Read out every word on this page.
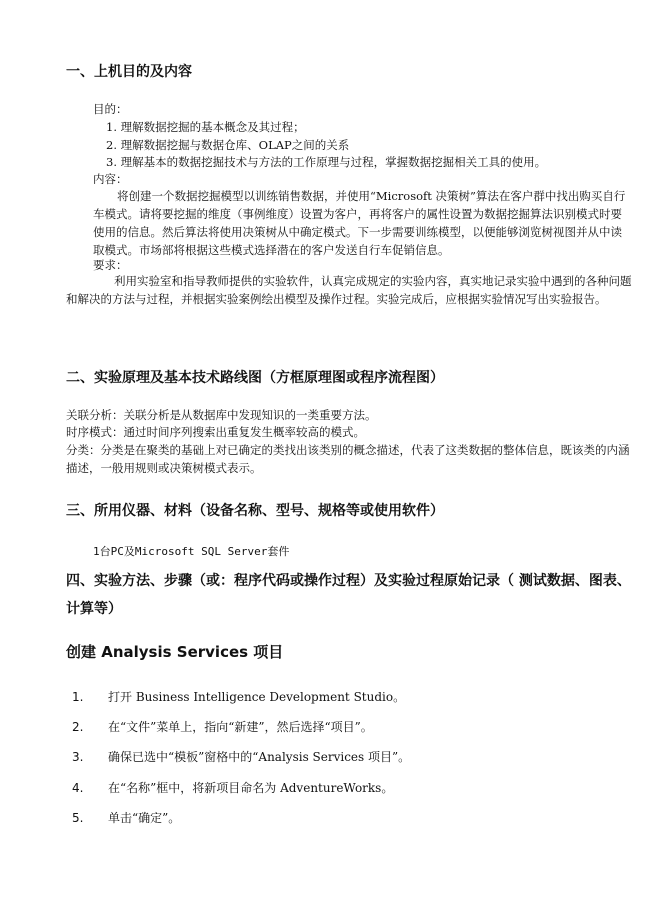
一、上机目的及内容
目的：
1. 理解数据挖掘的基本概念及其过程；
2. 理解数据挖掘与数据仓库、OLAP之间的关系
3. 理解基本的数据挖掘技术与方法的工作原理与过程，掌握数据挖掘相关工具的使用。
内容：
将创建一个数据挖掘模型以训练销售数据，并使用“Microsoft 决策树”算法在客户群中找出购买自行车模式。请将要挖掘的维度（事例维度）设置为客户，再将客户的属性设置为数据挖掘算法识别模式时要使用的信息。然后算法将使用决策树从中确定模式。下一步需要训练模型，以便能够浏览树视图并从中读取模式。市场部将根据这些模式选择潜在的客户发送自行车促销信息。
要求：
利用实验室和指导教师提供的实验软件，认真完成规定的实验内容，真实地记录实验中遇到的各种问题和解决的方法与过程，并根据实验案例绘出模型及操作过程。实验完成后，应根据实验情况写出实验报告。
二、实验原理及基本技术路线图（方框原理图或程序流程图）
关联分析：关联分析是从数据库中发现知识的一类重要方法。
时序模式：通过时间序列搜索出重复发生概率较高的模式。
分类：分类是在聚类的基础上对已确定的类找出该类别的概念描述，代表了这类数据的整体信息，既该类的内涵描述，一般用规则或决策树模式表示。
三、所用仪器、材料（设备名称、型号、规格等或使用软件）
1台PC及Microsoft SQL Server套件
四、实验方法、步骤（或：程序代码或操作过程）及实验过程原始记录（ 测试数据、图表、
计算等）
创建 Analysis Services 项目
1. 打开 Business Intelligence Development Studio。
2. 在“文件”菜单上，指向“新建”，然后选择“项目”。
3. 确保已选中“模板”窗格中的“Analysis Services 项目”。
4. 在“名称”框中，将新项目命名为 AdventureWorks。
5. 单击“确定”。
